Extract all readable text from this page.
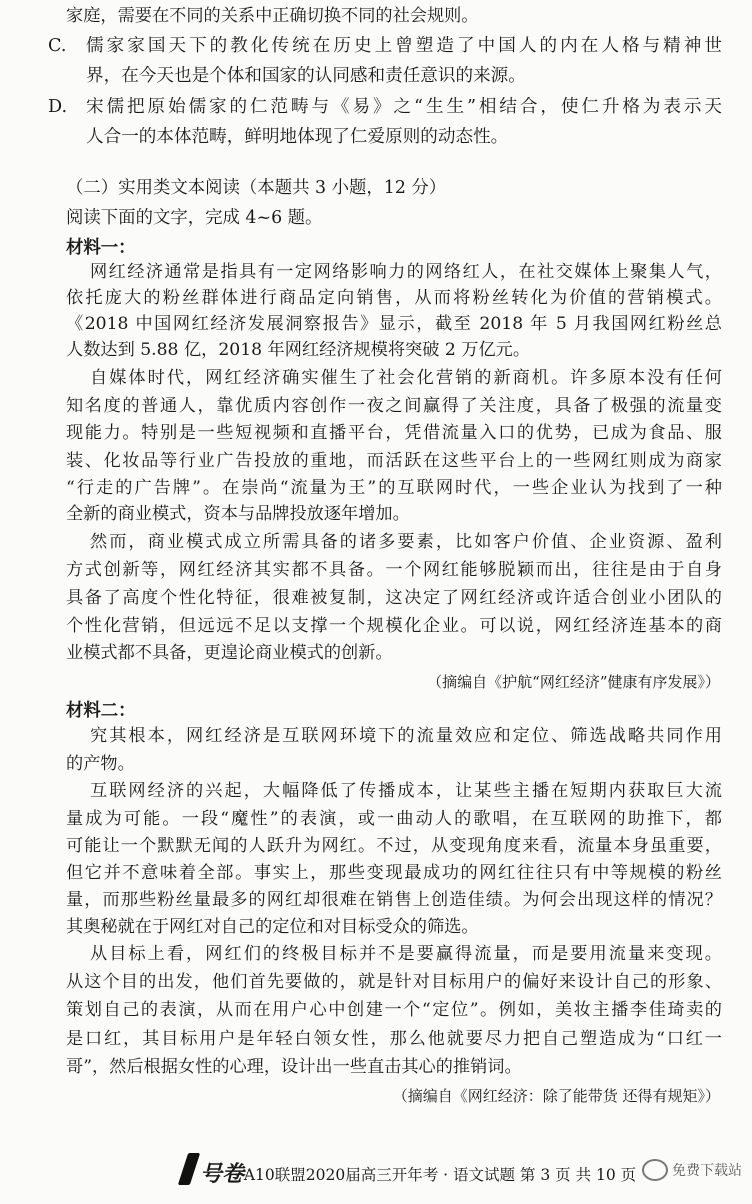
家庭，需要在不同的关系中正确切换不同的社会规则。
C. 儒家家国天下的教化传统在历史上曾塑造了中国人的内在人格与精神世
界，在今天也是个体和国家的认同感和责任意识的来源。
D. 宋儒把原始儒家的仁范畴与《易》之“生生”相结合，使仁升格为表示天
人合一的本体范畴，鲜明地体现了仁爱原则的动态性。
（二）实用类文本阅读（本题共 3 小题，12 分）
阅读下面的文字，完成 4~6 题。
材料一：
网红经济通常是指具有一定网络影响力的网络红人，在社交媒体上聚集人气，
依托庞大的粉丝群体进行商品定向销售，从而将粉丝转化为价值的营销模式。
《2018 中国网红经济发展洞察报告》显示，截至 2018 年 5 月我国网红粉丝总
人数达到 5.88 亿，2018 年网红经济规模将突破 2 万亿元。
自媒体时代，网红经济确实催生了社会化营销的新商机。许多原本没有任何
知名度的普通人，靠优质内容创作一夜之间赢得了关注度，具备了极强的流量变
现能力。特别是一些短视频和直播平台，凭借流量入口的优势，已成为食品、服
装、化妆品等行业广告投放的重地，而活跃在这些平台上的一些网红则成为商家
“行走的广告牌”。在崇尚“流量为王”的互联网时代，一些企业认为找到了一种
全新的商业模式，资本与品牌投放逐年增加。
然而，商业模式成立所需具备的诸多要素，比如客户价值、企业资源、盈利
方式创新等，网红经济其实都不具备。一个网红能够脱颖而出，往往是由于自身
具备了高度个性化特征，很难被复制，这决定了网红经济或许适合创业小团队的
个性化营销，但远远不足以支撑一个规模化企业。可以说，网红经济连基本的商
业模式都不具备，更遑论商业模式的创新。
（摘编自《护航“网红经济”健康有序发展》）
材料二：
究其根本，网红经济是互联网环境下的流量效应和定位、筛选战略共同作用
的产物。
互联网经济的兴起，大幅降低了传播成本，让某些主播在短期内获取巨大流
量成为可能。一段“魔性”的表演，或一曲动人的歌唱，在互联网的助推下，都
可能让一个默默无闻的人跃升为网红。不过，从变现角度来看，流量本身虽重要，
但它并不意味着全部。事实上，那些变现最成功的网红往往只有中等规模的粉丝
量，而那些粉丝量最多的网红却很难在销售上创造佳绩。为何会出现这样的情况？
其奥秘就在于网红对自己的定位和对目标受众的筛选。
从目标上看，网红们的终极目标并不是要赢得流量，而是要用流量来变现。
从这个目的出发，他们首先要做的，就是针对目标用户的偏好来设计自己的形象、
策划自己的表演，从而在用户心中创建一个“定位”。例如，美妆主播李佳琦卖的
是口红，其目标用户是年轻白领女性，那么他就要尽力把自己塑造成为“口红一
哥”，然后根据女性的心理，设计出一些直击其心的推销词。
（摘编自《网红经济：除了能带货 还得有规矩》）
号卷
· A10联盟2020届高三开年考 · 语文试题 第 3 页 共 10 页	免费下载站
